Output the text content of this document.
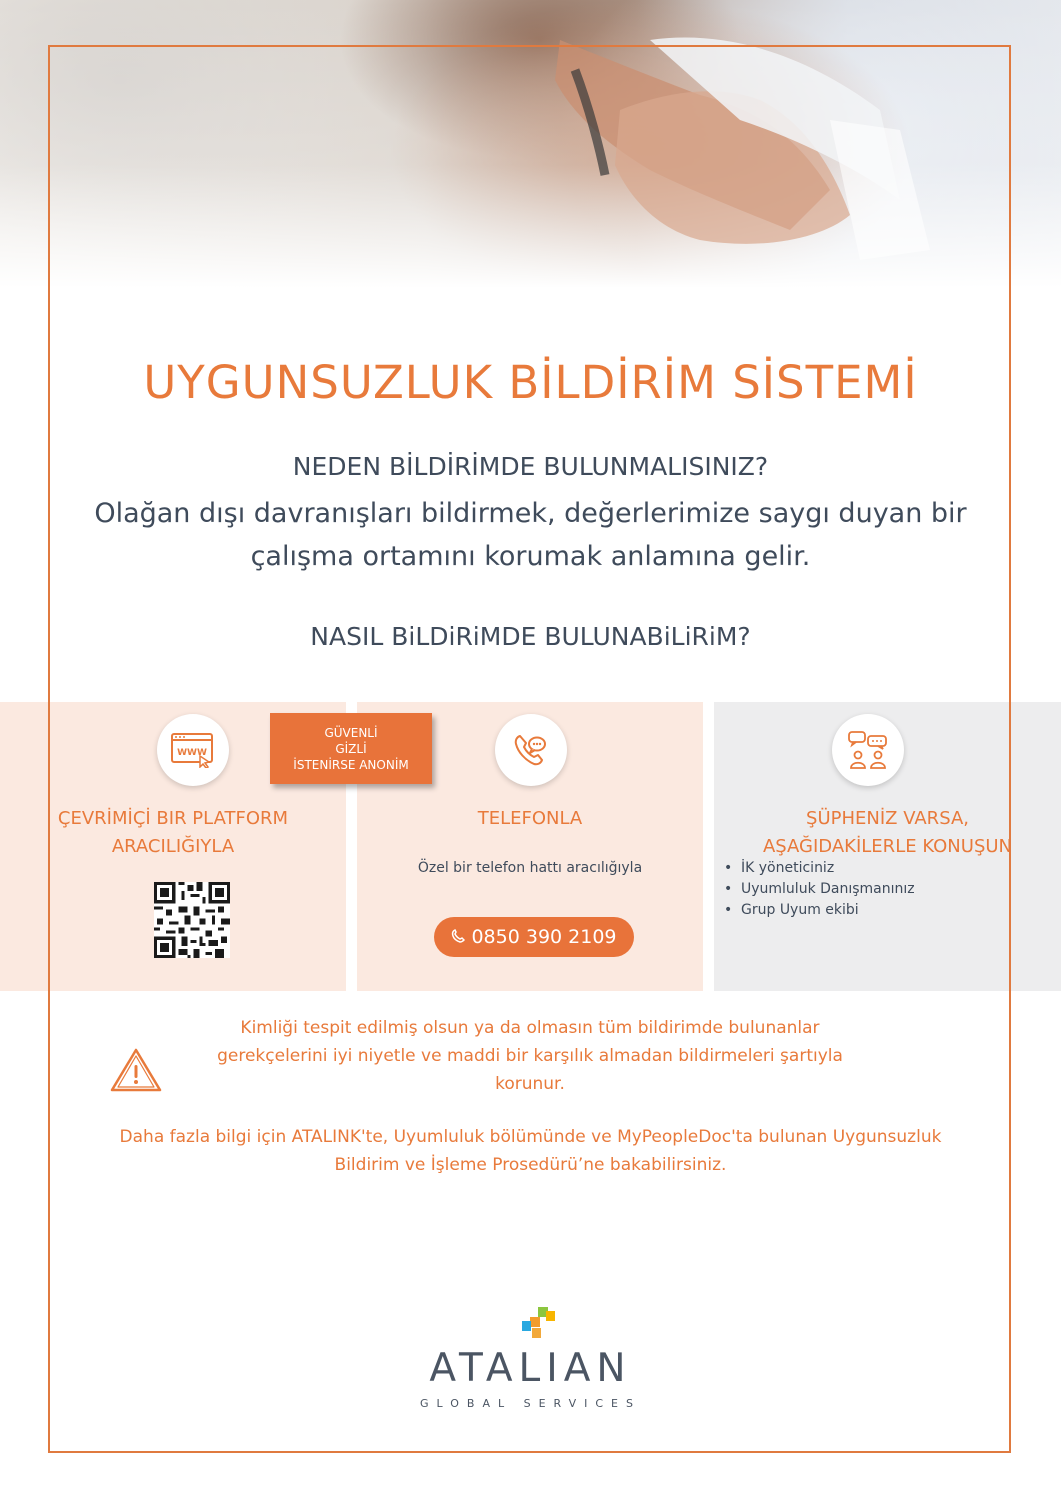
UYGUNSUZLUK BİLDİRİM SİSTEMİ
NEDEN BİLDİRİMDE BULUNMALISINIZ?
Olağan dışı davranışları bildirmek, değerlerimize saygı duyan bir
çalışma ortamını korumak anlamına gelir.
NASIL BiLDiRiMDE BULUNABiLiRiM?
WWW
ÇEVRİMİÇİ BIR PLATFORM
ARACILIĞIYLA
GÜVENLİ
GİZLİ
İSTENİRSE ANONİM
TELEFONLA
Özel bir telefon hattı aracılığıyla
0850 390 2109
ŞÜPHENİZ VARSA,
AŞAĞIDAKİLERLE KONUŞUN
• İK yöneticiniz
• Uyumluluk Danışmanınız
• Grup Uyum ekibi
Kimliği tespit edilmiş olsun ya da olmasın tüm bildirimde bulunanlar
gerekçelerini iyi niyetle ve maddi bir karşılık almadan bildirmeleri şartıyla
korunur.
Daha fazla bilgi için ATALINK'te, Uyumluluk bölümünde ve MyPeopleDoc'ta bulunan Uygunsuzluk
Bildirim ve İşleme Prosedürü’ne bakabilirsiniz.
ATALIAN
GLOBAL SERVICES
